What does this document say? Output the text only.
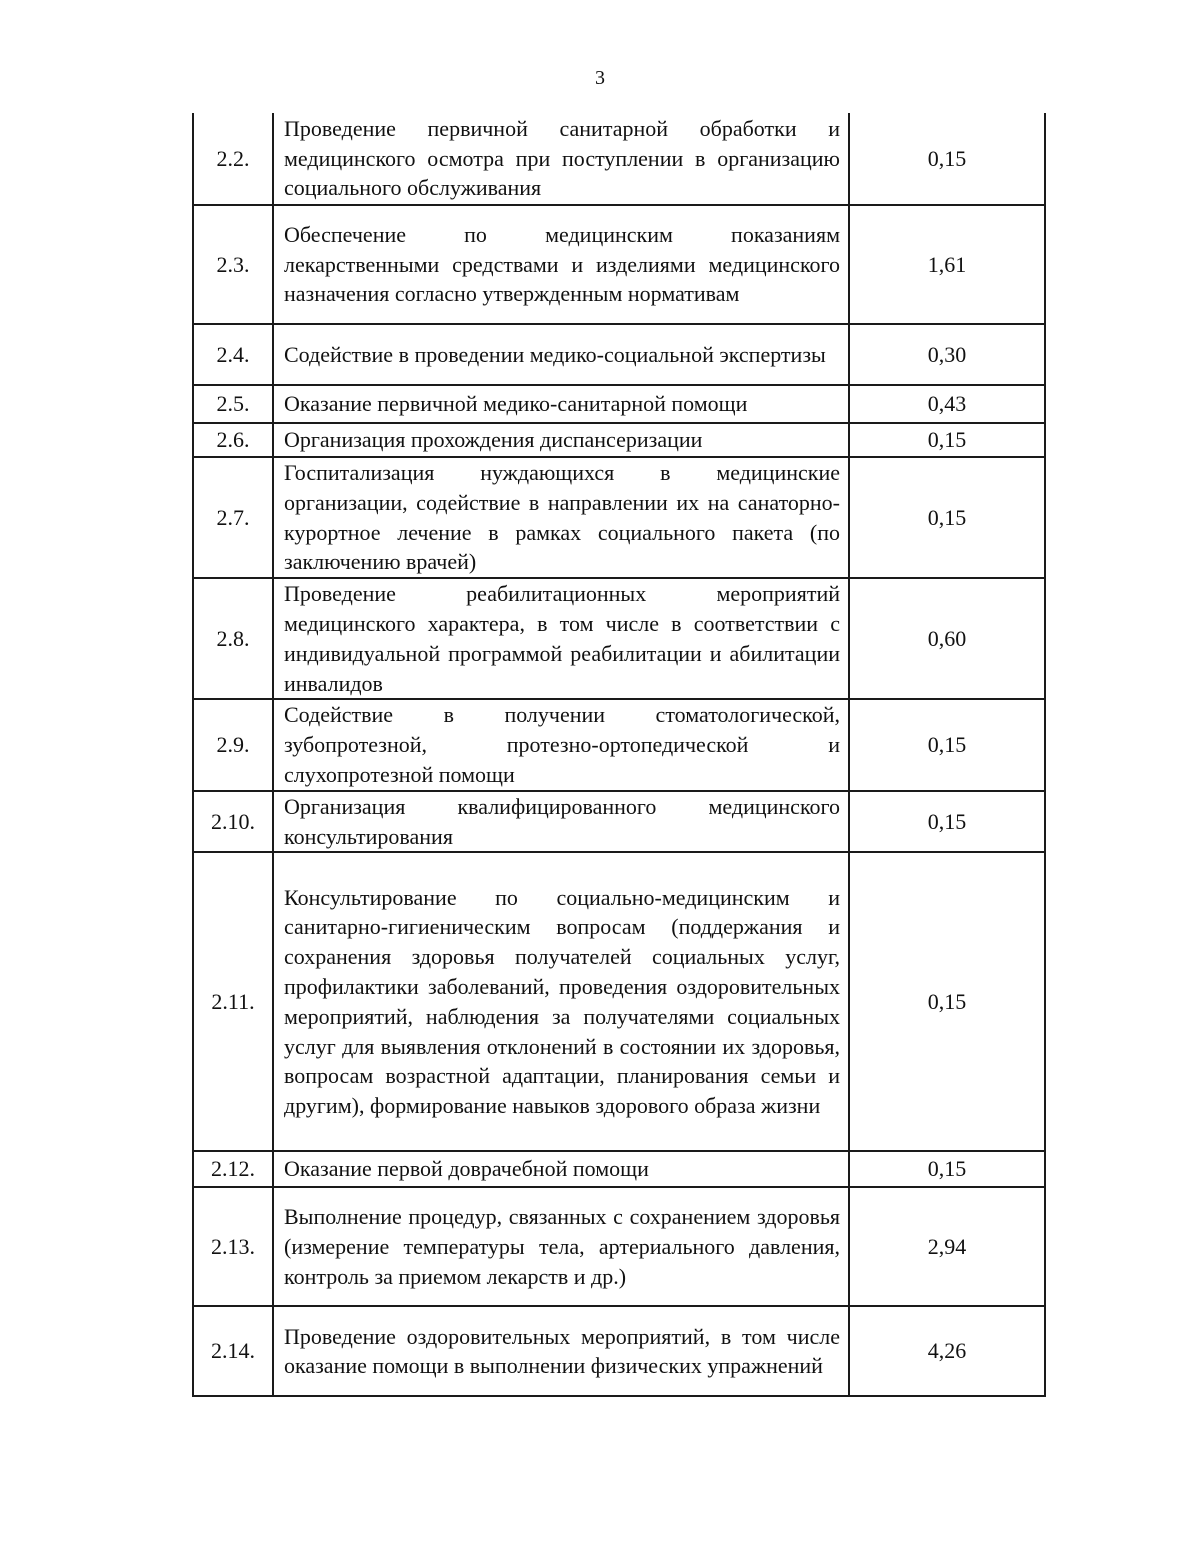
3
2.2.	Проведение первичной санитарной обработки и медицинского осмотра при поступлении в организацию социального обслуживания	0,15
2.3.	Обеспечение по медицинским показаниям лекарственными средствами и изделиями медицинского назначения согласно утвержденным нормативам	1,61
2.4.	Содействие в проведении медико-социальной экспертизы	0,30
2.5.	Оказание первичной медико-санитарной помощи	0,43
2.6.	Организация прохождения диспансеризации	0,15
2.7.	Госпитализация нуждающихся в медицинские организации, содействие в направлении их на санаторно-курортное лечение в рамках социального пакета (по заключению врачей)	0,15
2.8.	Проведение реабилитационных мероприятий медицинского характера, в том числе в соответствии с индивидуальной программой реабилитации и абилитации инвалидов	0,60
2.9.	Содействие в получении стоматологической, зубопротезной, протезно-ортопедической и слухопротезной помощи	0,15
2.10.	Организация квалифицированного медицинского консультирования	0,15
2.11.	Консультирование по социально-медицинским и санитарно-гигиеническим вопросам (поддержания и сохранения здоровья получателей социальных услуг, профилактики заболеваний, проведения оздоровительных мероприятий, наблюдения за получателями социальных услуг для выявления отклонений в состоянии их здоровья, вопросам возрастной адаптации, планирования семьи и другим), формирование навыков здорового образа жизни	0,15
2.12.	Оказание первой доврачебной помощи	0,15
2.13.	Выполнение процедур, связанных с сохранением здоровья (измерение температуры тела, артериального давления, контроль за приемом лекарств и др.)	2,94
2.14.	Проведение оздоровительных мероприятий, в том числе оказание помощи в выполнении физических упражнений	4,26
